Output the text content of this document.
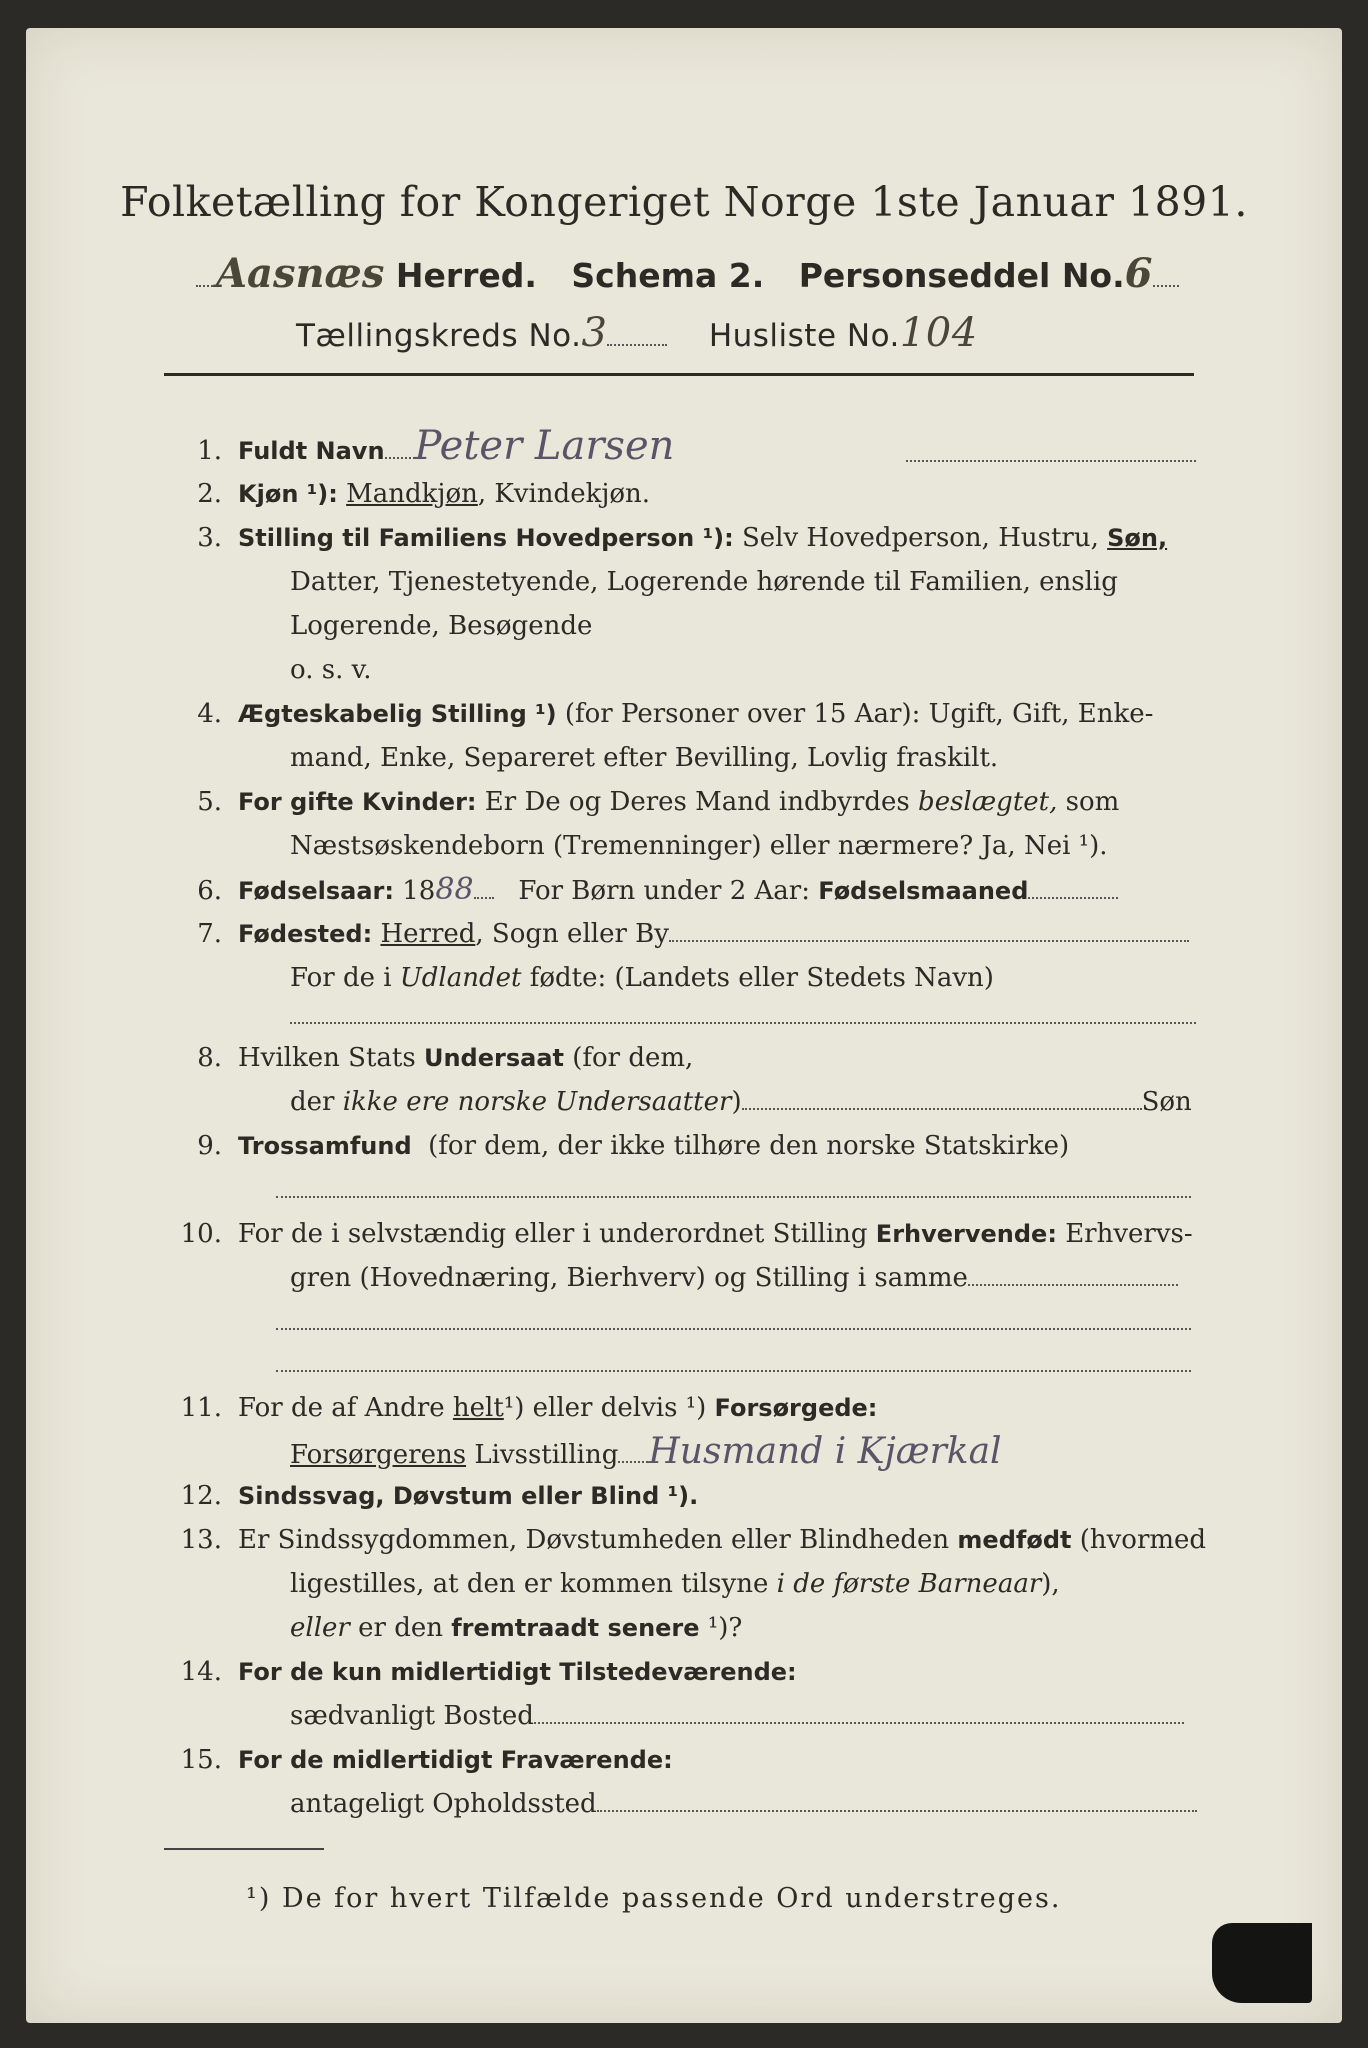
Folketælling for Kongeriget Norge 1ste Januar 1891.
Aasnæs Herred. Schema 2. Personseddel No.6
Tællingskreds No.3	Husliste No.104
1. Fuldt Navn Peter Larsen
2. Kjøn ¹): Mandkjøn, Kvindekjøn.
3. Stilling til Familiens Hovedperson ¹): Selv Hovedperson, Hustru, Søn,
Datter, Tjenestetyende, Logerende hørende til Familien, enslig
Logerende, Besøgende
o. s. v.
4. Ægteskabelig Stilling ¹) (for Personer over 15 Aar): Ugift, Gift, Enke-
mand, Enke, Separeret efter Bevilling, Lovlig fraskilt.
5. For gifte Kvinder: Er De og Deres Mand indbyrdes beslægtet, som
Næstsøskendeborn (Tremenninger) eller nærmere? Ja, Nei ¹).
6. Fødselsaar: 1888 For Børn under 2 Aar: Fødselsmaaned
7. Fødested: Herred, Sogn eller By
For de i Udlandet fødte: (Landets eller Stedets Navn)
8. Hvilken Stats Undersaat (for dem,
der ikke ere norske Undersaatter)	Søn
9. Trossamfund (for dem, der ikke tilhøre den norske Statskirke)
10. For de i selvstændig eller i underordnet Stilling Erhvervende: Erhvervs-
gren (Hovednæring, Bierhverv) og Stilling i samme
11. For de af Andre helt¹) eller delvis ¹) Forsørgede:
Forsørgerens Livsstilling Husmand i Kjærkal
12. Sindssvag, Døvstum eller Blind ¹).
13. Er Sindssygdommen, Døvstumheden eller Blindheden medfødt (hvormed
ligestilles, at den er kommen tilsyne i de første Barneaar),
eller er den fremtraadt senere ¹)?
14. For de kun midlertidigt Tilstedeværende:
sædvanligt Bosted
15. For de midlertidigt Fraværende:
antageligt Opholdssted
¹) De for hvert Tilfælde passende Ord understreges.
